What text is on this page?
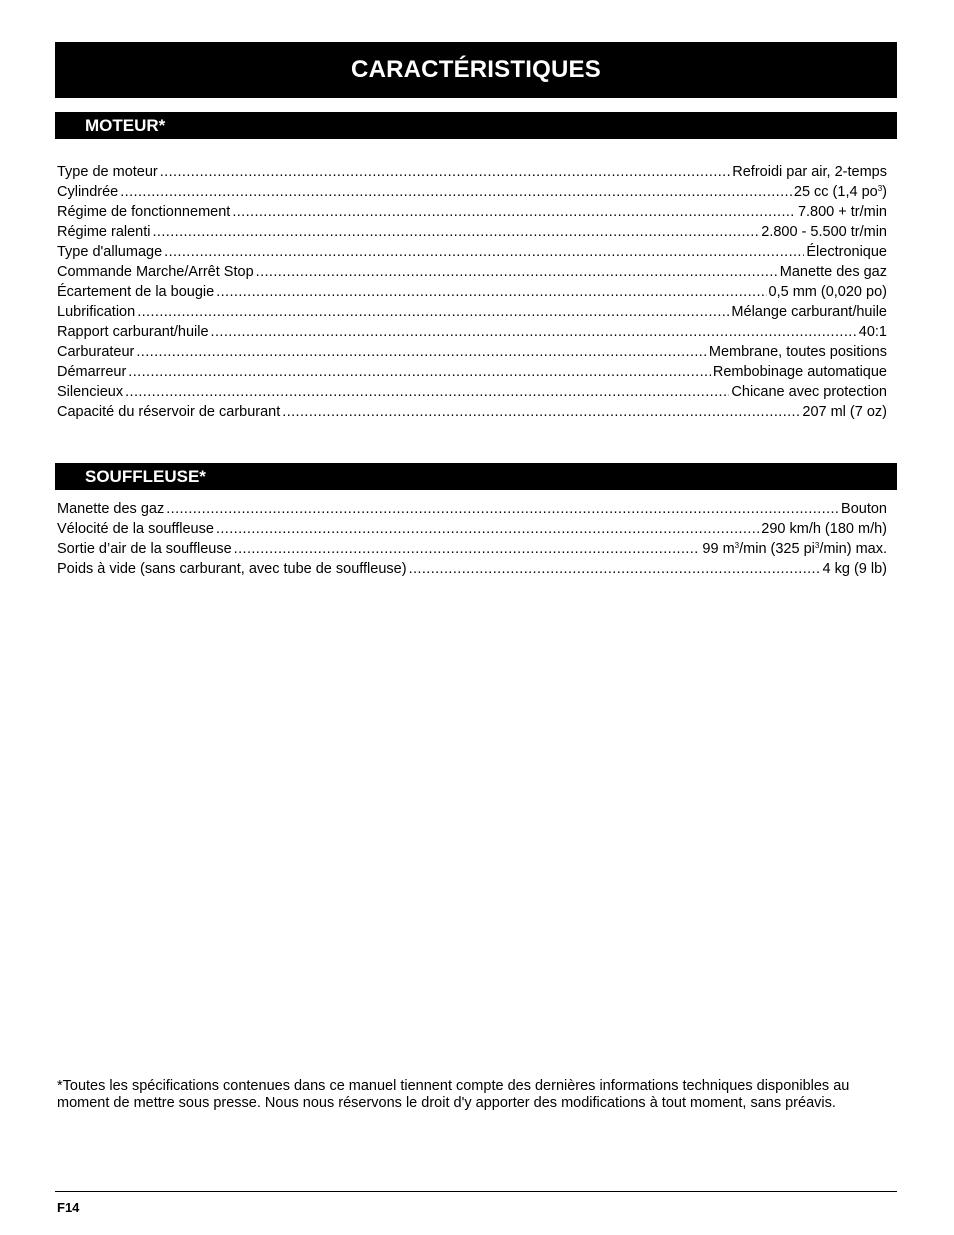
CARACTÉRISTIQUES
MOTEUR*
Type de moteur .....	Refroidi par air, 2-temps
Cylindrée .....	25 cc (1,4 $po^3$)
Régime de fonctionnement .....	7.800 + tr/min
Régime ralenti .....	2.800 - 5.500 tr/min
Type d'allumage .....	Électronique
Commande Marche/Arrêt Stop .....	Manette des gaz
Écartement de la bougie .....	0,5 mm (0,020 po)
Lubrification .....	Mélange carburant/huile
Rapport carburant/huile .....	40:1
Carburateur .....	Membrane, toutes positions
Démarreur .....	Rembobinage automatique
Silencieux .....	Chicane avec protection
Capacité du réservoir de carburant .....	207 ml (7 oz)
SOUFFLEUSE*
Manette des gaz .....	Bouton
Vélocité de la souffleuse .....	290 km/h (180 m/h)
Sortie d’air de la souffleuse .....	99 $m^3/\min$ (325 $pi^3/\min$) max.
Poids à vide (sans carburant, avec tube de souffleuse) .....	4 kg (9 lb)

*Toutes les spécifications contenues dans ce manuel tiennent compte des dernières informations techniques disponibles au moment de mettre sous presse. Nous nous réservons le droit d'y apporter des modifications à tout moment, sans préavis.

F14
